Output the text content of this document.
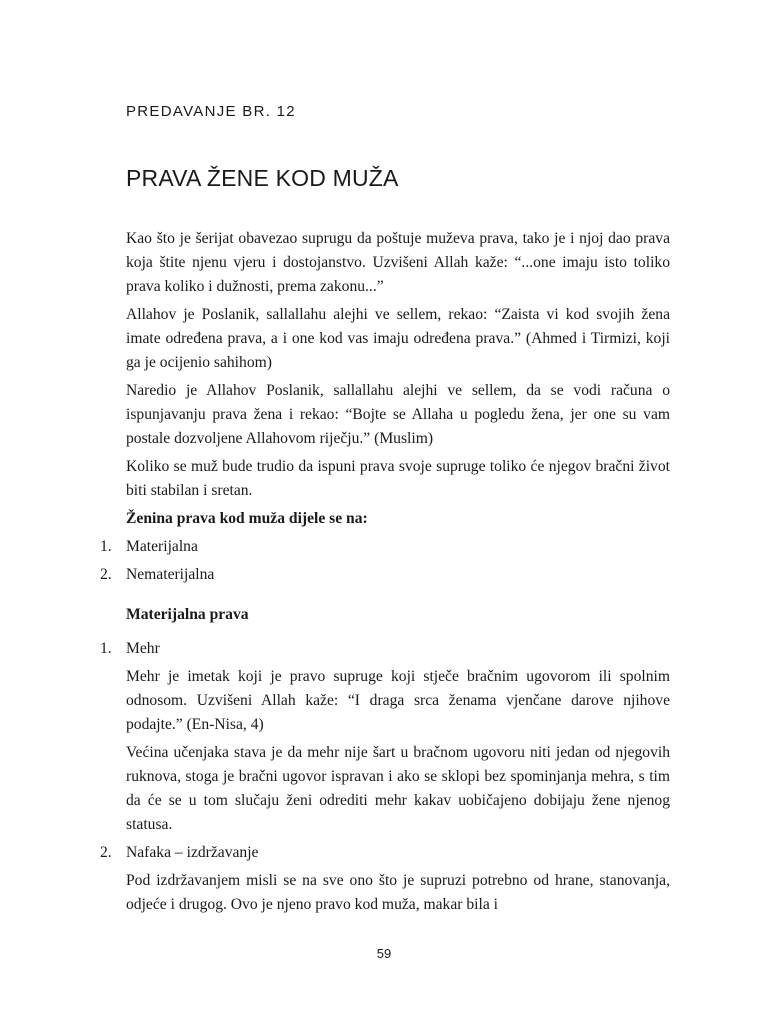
PREDAVANJE BR. 12
PRAVA ŽENE KOD MUŽA

Kao što je šerijat obavezao suprugu da poštuje muževa prava, tako je i njoj dao prava koja štite njenu vjeru i dostojanstvo. Uzvišeni Allah kaže: “...one imaju isto toliko prava koliko i dužnosti, prema zakonu...”

Allahov je Poslanik, sallallahu alejhi ve sellem, rekao: “Zaista vi kod svojih žena imate određena prava, a i one kod vas imaju određena prava.” (Ahmed i Tirmizi, koji ga je ocijenio sahihom)

Naredio je Allahov Poslanik, sallallahu alejhi ve sellem, da se vodi računa o ispunjavanju prava žena i rekao: “Bojte se Allaha u pogledu žena, jer one su vam postale dozvoljene Allahovom riječju.” (Muslim)

Koliko se muž bude trudio da ispuni prava svoje supruge toliko će njegov bračni život biti stabilan i sretan.

Ženina prava kod muža dijele se na:

1. Materijalna
2. Nematerijalna

Materijalna prava

1. Mehr

Mehr je imetak koji je pravo supruge koji stječe bračnim ugovorom ili spolnim odnosom. Uzvišeni Allah kaže: “I draga srca ženama vjenčane darove njihove podajte.” (En-Nisa, 4)

Većina učenjaka stava je da mehr nije šart u bračnom ugovoru niti jedan od njegovih ruknova, stoga je bračni ugovor ispravan i ako se sklopi bez spominjanja mehra, s tim da će se u tom slučaju ženi odrediti mehr kakav uobičajeno dobijaju žene njenog statusa.

2. Nafaka – izdržavanje

Pod izdržavanjem misli se na sve ono što je supruzi potrebno od hrane, stanovanja, odjeće i drugog. Ovo je njeno pravo kod muža, makar bila i

59
